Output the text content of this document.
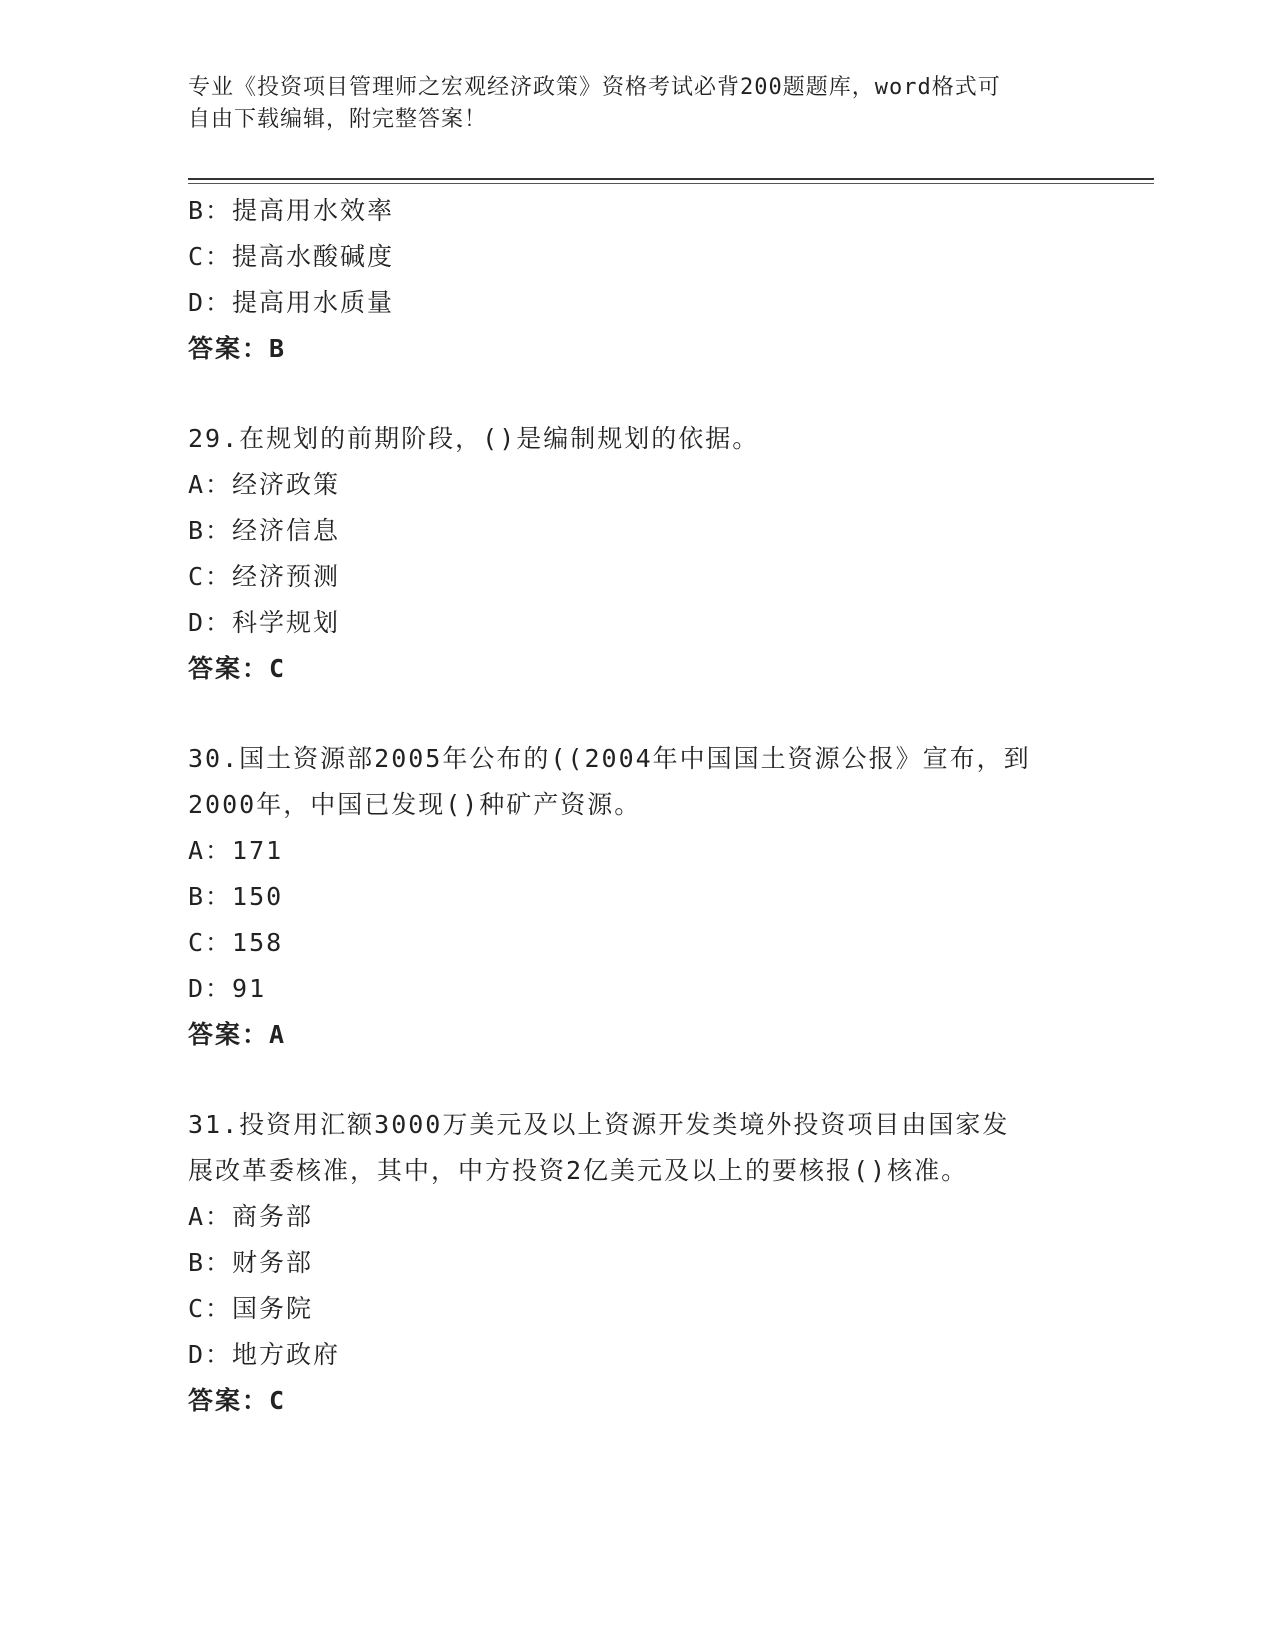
专业《投资项目管理师之宏观经济政策》资格考试必背200题题库，word格式可
自由下载编辑，附完整答案！
B：提高用水效率
C：提高水酸碱度
D：提高用水质量
答案：B
29.在规划的前期阶段，()是编制规划的依据。
A：经济政策
B：经济信息
C：经济预测
D：科学规划
答案：C
30.国土资源部2005年公布的((2004年中国国土资源公报》宣布，到
2000年，中国已发现()种矿产资源。
A：171
B：150
C：158
D：91
答案：A
31.投资用汇额3000万美元及以上资源开发类境外投资项目由国家发
展改革委核准，其中，中方投资2亿美元及以上的要核报()核准。
A：商务部
B：财务部
C：国务院
D：地方政府
答案：C
